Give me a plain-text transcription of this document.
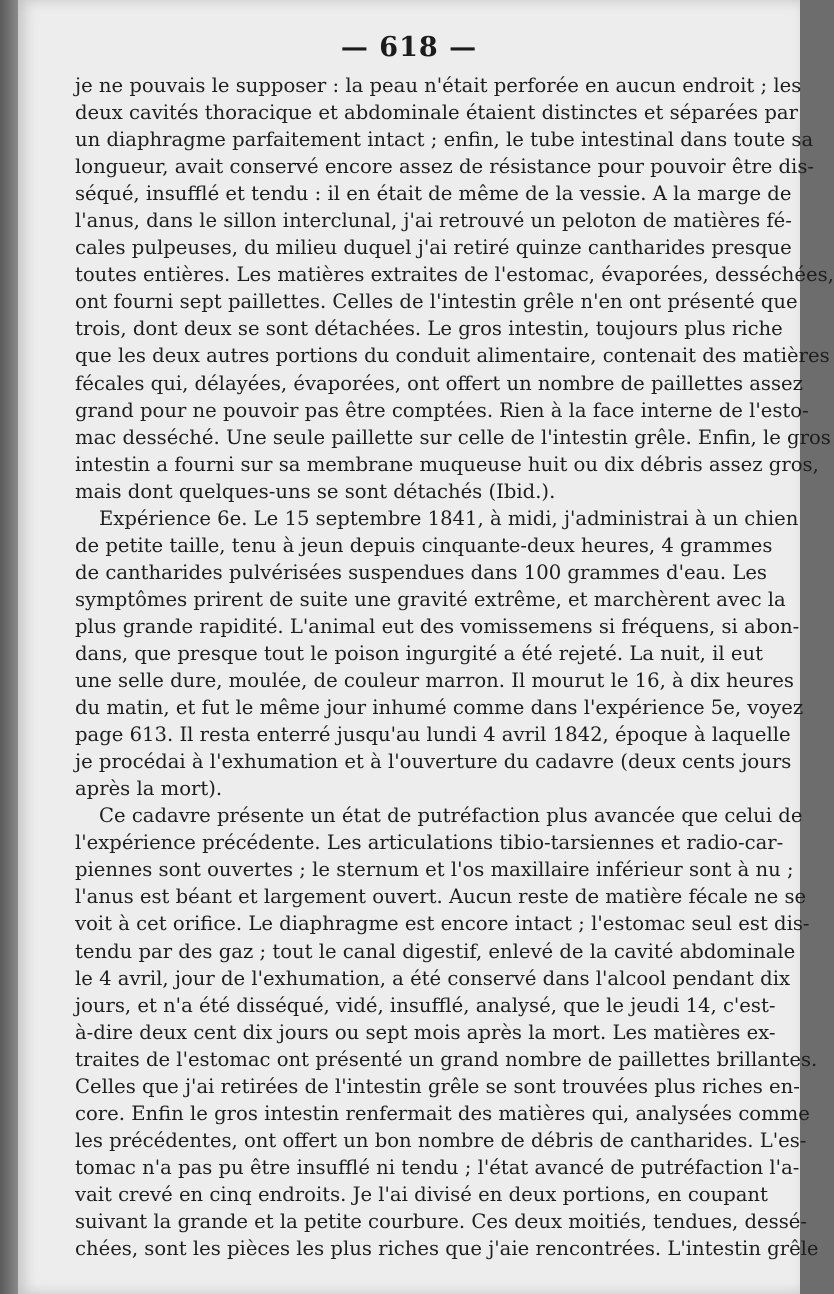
— 618 —
je ne pouvais le supposer : la peau n'était perforée en aucun endroit ; les
deux cavités thoracique et abdominale étaient distinctes et séparées par
un diaphragme parfaitement intact ; enfin, le tube intestinal dans toute sa
longueur, avait conservé encore assez de résistance pour pouvoir être dis-
séqué, insufflé et tendu : il en était de même de la vessie. A la marge de
l'anus, dans le sillon interclunal, j'ai retrouvé un peloton de matières fé-
cales pulpeuses, du milieu duquel j'ai retiré quinze cantharides presque
toutes entières. Les matières extraites de l'estomac, évaporées, desséchées,
ont fourni sept paillettes. Celles de l'intestin grêle n'en ont présenté que
trois, dont deux se sont détachées. Le gros intestin, toujours plus riche
que les deux autres portions du conduit alimentaire, contenait des matières
fécales qui, délayées, évaporées, ont offert un nombre de paillettes assez
grand pour ne pouvoir pas être comptées. Rien à la face interne de l'esto-
mac desséché. Une seule paillette sur celle de l'intestin grêle. Enfin, le gros
intestin a fourni sur sa membrane muqueuse huit ou dix débris assez gros,
mais dont quelques-uns se sont détachés (Ibid.).
Expérience 6e. Le 15 septembre 1841, à midi, j'administrai à un chien
de petite taille, tenu à jeun depuis cinquante-deux heures, 4 grammes
de cantharides pulvérisées suspendues dans 100 grammes d'eau. Les
symptômes prirent de suite une gravité extrême, et marchèrent avec la
plus grande rapidité. L'animal eut des vomissemens si fréquens, si abon-
dans, que presque tout le poison ingurgité a été rejeté. La nuit, il eut
une selle dure, moulée, de couleur marron. Il mourut le 16, à dix heures
du matin, et fut le même jour inhumé comme dans l'expérience 5e, voyez
page 613. Il resta enterré jusqu'au lundi 4 avril 1842, époque à laquelle
je procédai à l'exhumation et à l'ouverture du cadavre (deux cents jours
après la mort).
Ce cadavre présente un état de putréfaction plus avancée que celui de
l'expérience précédente. Les articulations tibio-tarsiennes et radio-car-
piennes sont ouvertes ; le sternum et l'os maxillaire inférieur sont à nu ;
l'anus est béant et largement ouvert. Aucun reste de matière fécale ne se
voit à cet orifice. Le diaphragme est encore intact ; l'estomac seul est dis-
tendu par des gaz ; tout le canal digestif, enlevé de la cavité abdominale
le 4 avril, jour de l'exhumation, a été conservé dans l'alcool pendant dix
jours, et n'a été disséqué, vidé, insufflé, analysé, que le jeudi 14, c'est-
à-dire deux cent dix jours ou sept mois après la mort. Les matières ex-
traites de l'estomac ont présenté un grand nombre de paillettes brillantes.
Celles que j'ai retirées de l'intestin grêle se sont trouvées plus riches en-
core. Enfin le gros intestin renfermait des matières qui, analysées comme
les précédentes, ont offert un bon nombre de débris de cantharides. L'es-
tomac n'a pas pu être insufflé ni tendu ; l'état avancé de putréfaction l'a-
vait crevé en cinq endroits. Je l'ai divisé en deux portions, en coupant
suivant la grande et la petite courbure. Ces deux moitiés, tendues, dessé-
chées, sont les pièces les plus riches que j'aie rencontrées. L'intestin grêle
